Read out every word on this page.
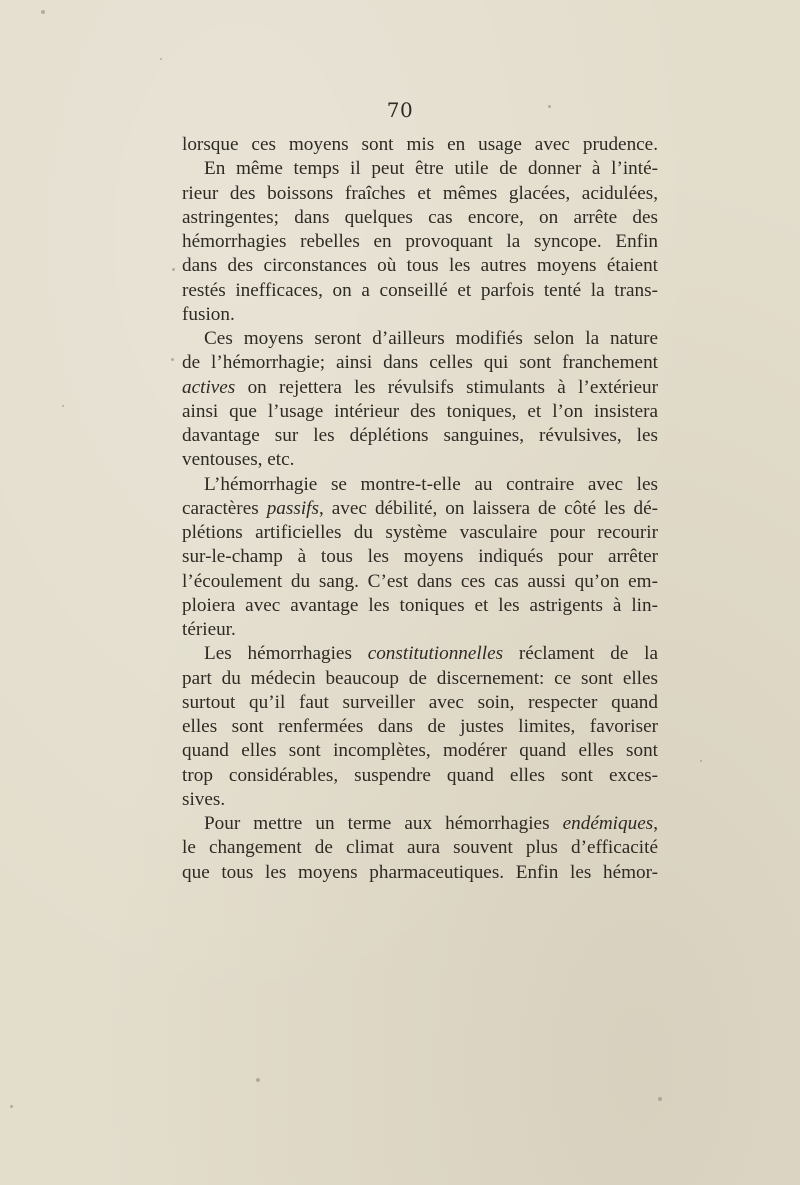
70
lorsque ces moyens sont mis en usage avec prudence.
En même temps il peut être utile de donner à l’inté-
rieur des boissons fraîches et mêmes glacées, acidulées,
astringentes; dans quelques cas encore, on arrête des
hémorrhagies rebelles en provoquant la syncope. Enfin
dans des circonstances où tous les autres moyens étaient
restés inefficaces, on a conseillé et parfois tenté la trans-
fusion.
Ces moyens seront d’ailleurs modifiés selon la nature
de l’hémorrhagie; ainsi dans celles qui sont franchement
actives on rejettera les révulsifs stimulants à l’extérieur
ainsi que l’usage intérieur des toniques, et l’on insistera
davantage sur les déplétions sanguines, révulsives, les
ventouses, etc.
L’hémorrhagie se montre-t-elle au contraire avec les
caractères passifs, avec débilité, on laissera de côté les dé-
plétions artificielles du système vasculaire pour recourir
sur-le-champ à tous les moyens indiqués pour arrêter
l’écoulement du sang. C’est dans ces cas aussi qu’on em-
ploiera avec avantage les toniques et les astrigents à lin-
térieur.
Les hémorrhagies constitutionnelles réclament de la
part du médecin beaucoup de discernement: ce sont elles
surtout qu’il faut surveiller avec soin, respecter quand
elles sont renfermées dans de justes limites, favoriser
quand elles sont incomplètes, modérer quand elles sont
trop considérables, suspendre quand elles sont exces-
sives.
Pour mettre un terme aux hémorrhagies endémiques,
le changement de climat aura souvent plus d’efficacité
que tous les moyens pharmaceutiques. Enfin les hémor-
